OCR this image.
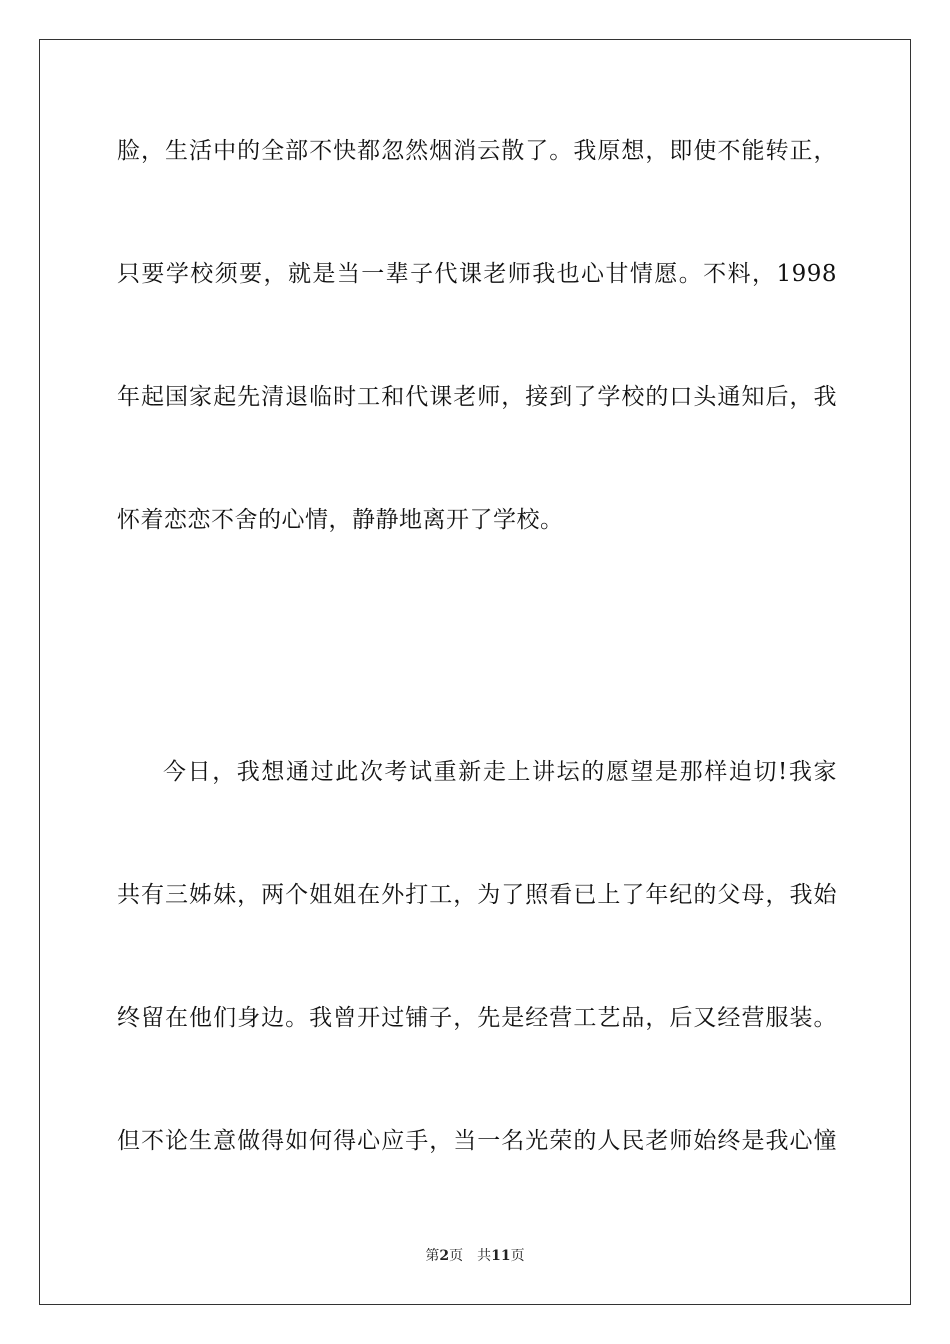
脸，生活中的全部不快都忽然烟消云散了。我原想，即使不能转正，
只要学校须要，就是当一辈子代课老师我也心甘情愿。不料，1998
年起国家起先清退临时工和代课老师，接到了学校的口头通知后，我
怀着恋恋不舍的心情，静静地离开了学校。
今日，我想通过此次考试重新走上讲坛的愿望是那样迫切!我家
共有三姊妹，两个姐姐在外打工，为了照看已上了年纪的父母，我始
终留在他们身边。我曾开过铺子，先是经营工艺品，后又经营服装。
但不论生意做得如何得心应手，当一名光荣的人民老师始终是我心憧
第2页 共11页
